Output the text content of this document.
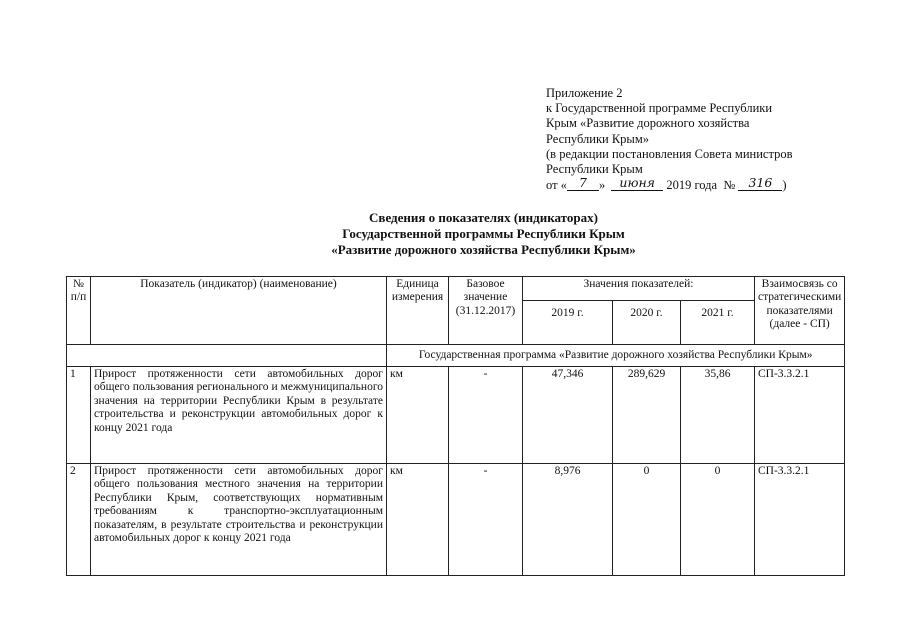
Приложение 2
к Государственной программе Республики
Крым «Развитие дорожного хозяйства
Республики Крым»
(в редакции постановления Совета министров
Республики Крым
от « 7 » июня 2019 года № 316 )
Сведения о показателях (индикаторах)
Государственной программы Республики Крым
«Развитие дорожного хозяйства Республики Крым»
№ п/п	Показатель (индикатор) (наименование)	Единица измерения	Базовое значение (31.12.2017)	Значения показателей:			Взаимосвязь со стратегическими показателями (далее - СП)
				2019 г.	2020 г.	2021 г.	
		Государственная программа «Развитие дорожного хозяйства Республики Крым»					
1	Прирост протяженности сети автомобильных дорог общего пользования регионального и межмуниципального значения на территории Республики Крым в результате строительства и реконструкции автомобильных дорог к концу 2021 года	км	-	47,346	289,629	35,86	СП-3.3.2.1
2	Прирост протяженности сети автомобильных дорог общего пользования местного значения на территории Республики Крым, соответствующих нормативным требованиям к транспортно-эксплуатационным показателям, в результате строительства и реконструкции автомобильных дорог к концу 2021 года	км	-	8,976	0	0	СП-3.3.2.1
